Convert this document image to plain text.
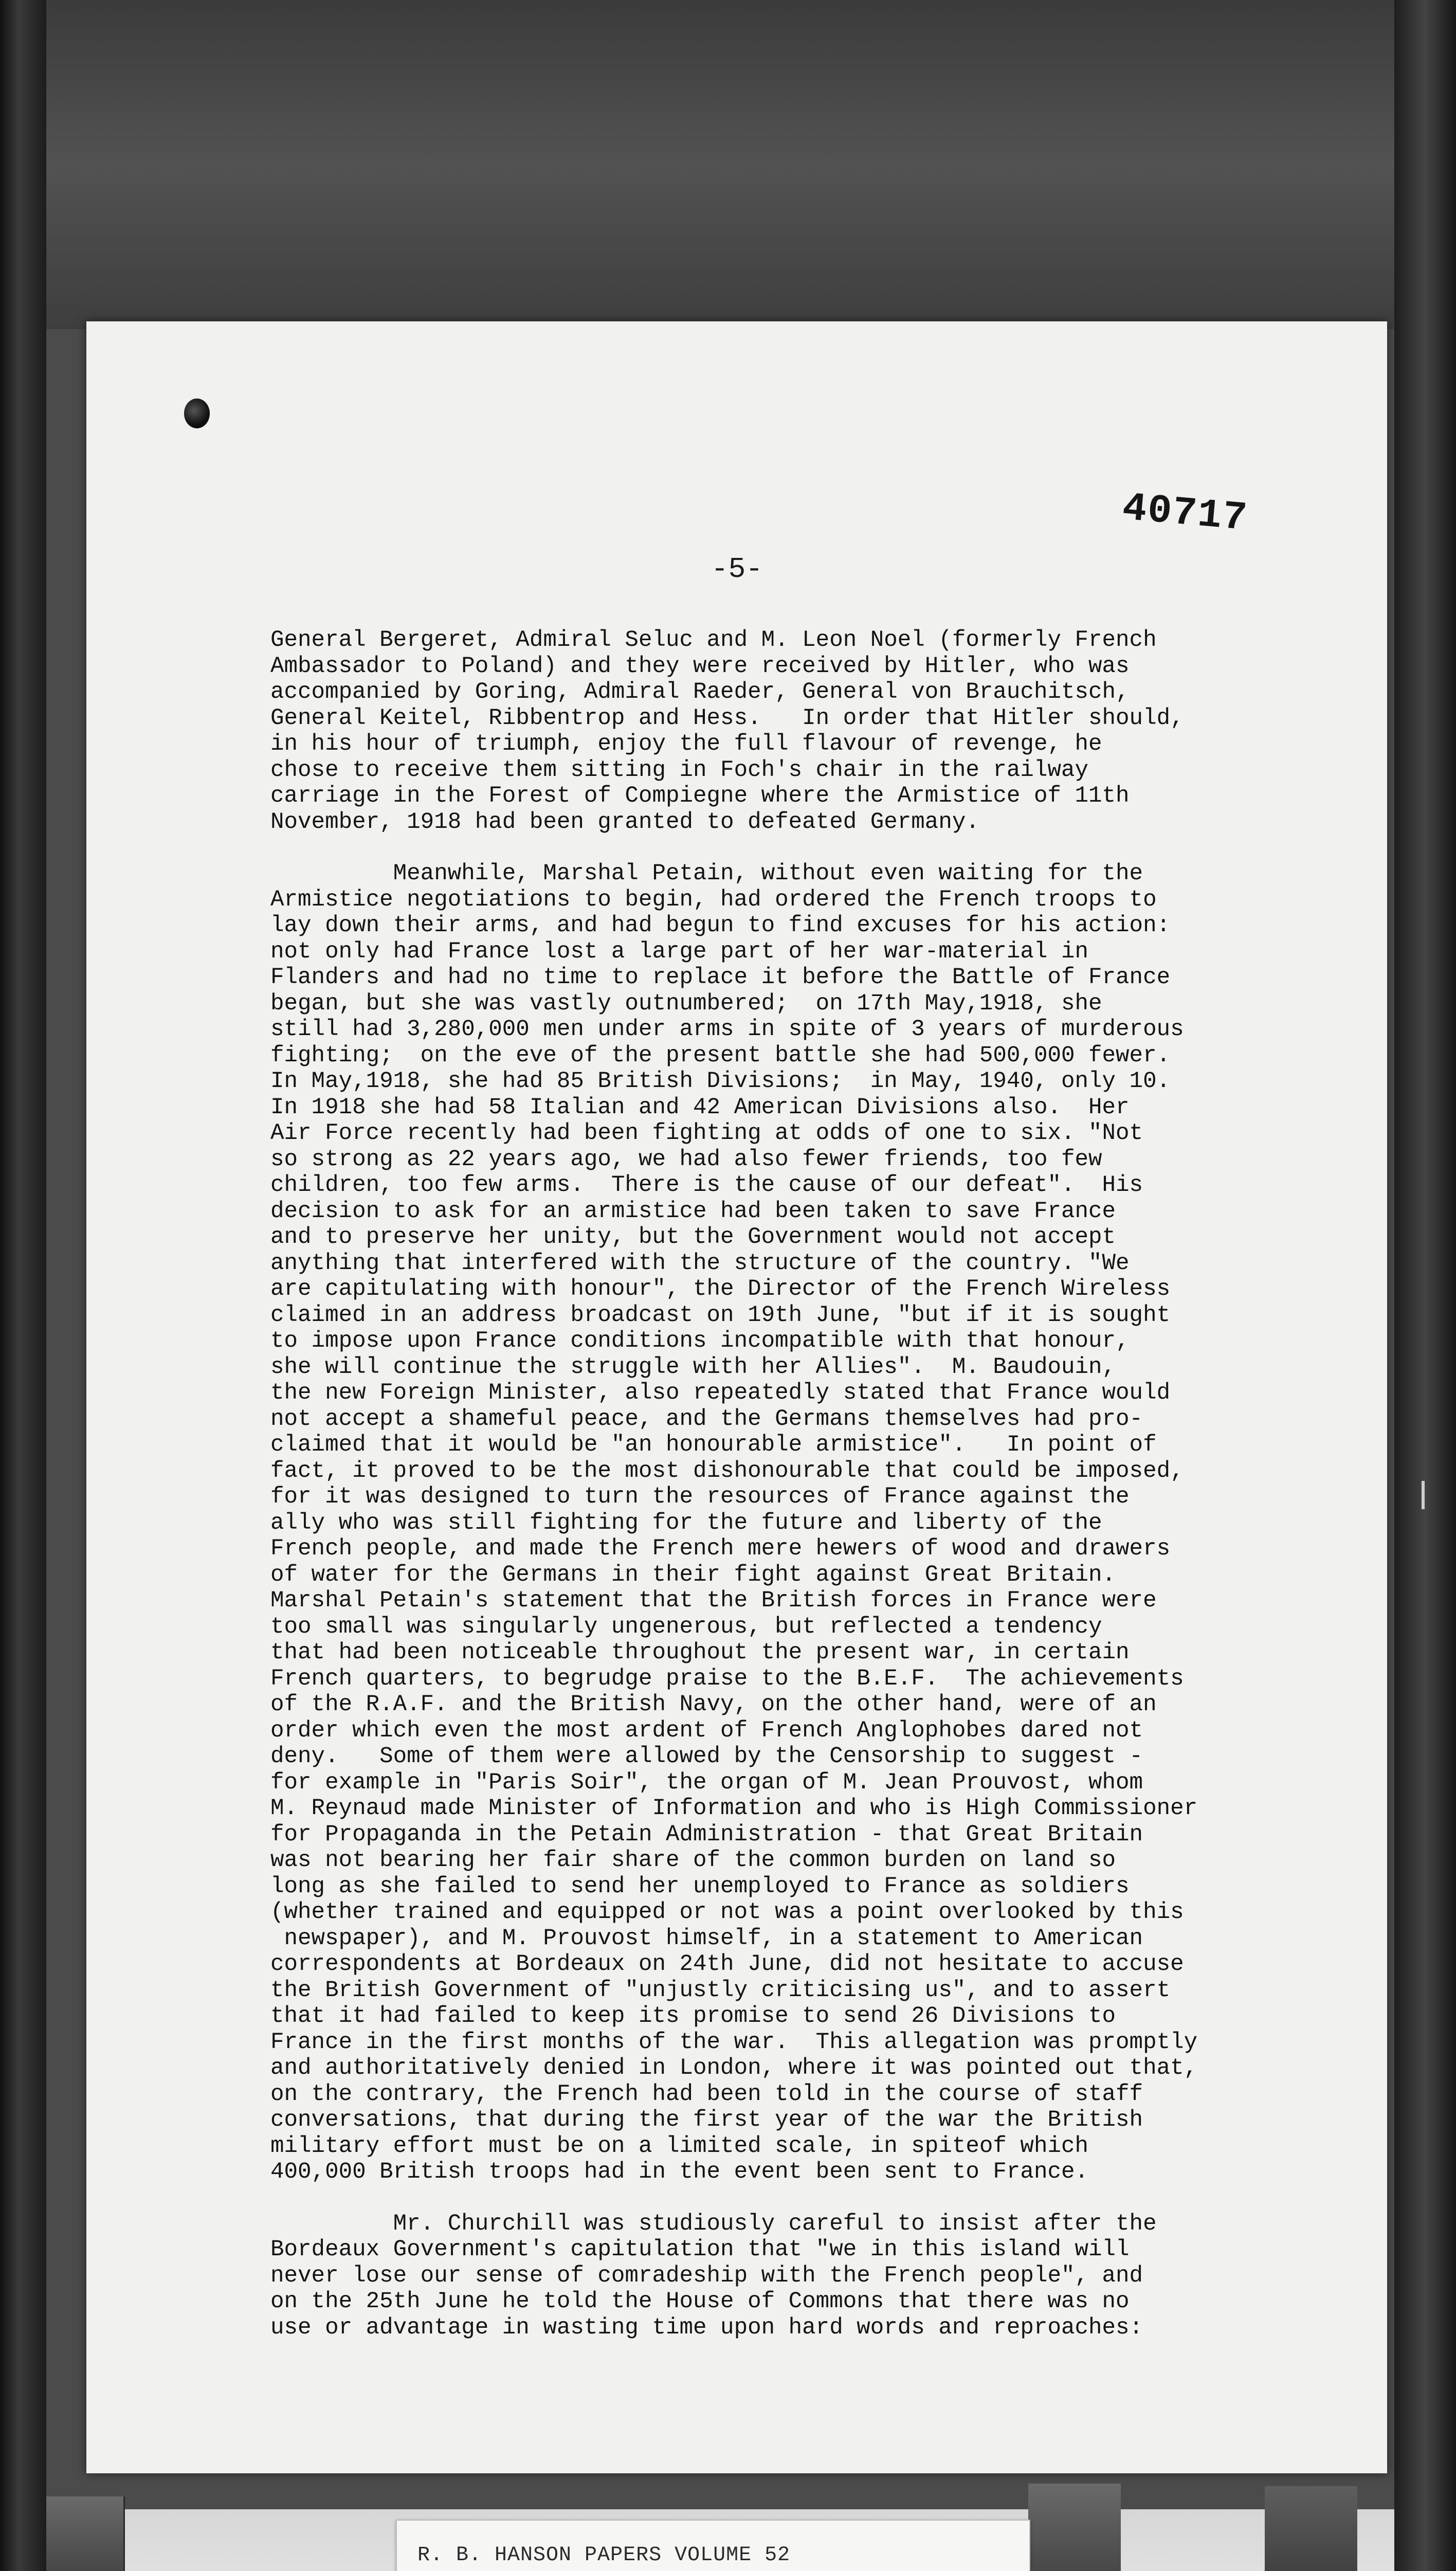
40717
-5-
General Bergeret, Admiral Seluc and M. Leon Noel (formerly French
Ambassador to Poland) and they were received by Hitler, who was
accompanied by Goring, Admiral Raeder, General von Brauchitsch,
General Keitel, Ribbentrop and Hess.   In order that Hitler should,
in his hour of triumph, enjoy the full flavour of revenge, he
chose to receive them sitting in Foch's chair in the railway
carriage in the Forest of Compiegne where the Armistice of 11th
November, 1918 had been granted to defeated Germany.
Meanwhile, Marshal Petain, without even waiting for the
Armistice negotiations to begin, had ordered the French troops to
lay down their arms, and had begun to find excuses for his action:
not only had France lost a large part of her war-material in
Flanders and had no time to replace it before the Battle of France
began, but she was vastly outnumbered;  on 17th May,1918, she
still had 3,280,000 men under arms in spite of 3 years of murderous
fighting;  on the eve of the present battle she had 500,000 fewer.
In May,1918, she had 85 British Divisions;  in May, 1940, only 10.
In 1918 she had 58 Italian and 42 American Divisions also.  Her
Air Force recently had been fighting at odds of one to six. "Not
so strong as 22 years ago, we had also fewer friends, too few
children, too few arms.  There is the cause of our defeat".  His
decision to ask for an armistice had been taken to save France
and to preserve her unity, but the Government would not accept
anything that interfered with the structure of the country. "We
are capitulating with honour", the Director of the French Wireless
claimed in an address broadcast on 19th June, "but if it is sought
to impose upon France conditions incompatible with that honour,
she will continue the struggle with her Allies".  M. Baudouin,
the new Foreign Minister, also repeatedly stated that France would
not accept a shameful peace, and the Germans themselves had pro-
claimed that it would be "an honourable armistice".   In point of
fact, it proved to be the most dishonourable that could be imposed,
for it was designed to turn the resources of France against the
ally who was still fighting for the future and liberty of the
French people, and made the French mere hewers of wood and drawers
of water for the Germans in their fight against Great Britain.
Marshal Petain's statement that the British forces in France were
too small was singularly ungenerous, but reflected a tendency
that had been noticeable throughout the present war, in certain
French quarters, to begrudge praise to the B.E.F.  The achievements
of the R.A.F. and the British Navy, on the other hand, were of an
order which even the most ardent of French Anglophobes dared not
deny.   Some of them were allowed by the Censorship to suggest -
for example in "Paris Soir", the organ of M. Jean Prouvost, whom
M. Reynaud made Minister of Information and who is High Commissioner
for Propaganda in the Petain Administration - that Great Britain
was not bearing her fair share of the common burden on land so
long as she failed to send her unemployed to France as soldiers
(whether trained and equipped or not was a point overlooked by this
newspaper), and M. Prouvost himself, in a statement to American
correspondents at Bordeaux on 24th June, did not hesitate to accuse
the British Government of "unjustly criticising us", and to assert
that it had failed to keep its promise to send 26 Divisions to
France in the first months of the war.  This allegation was promptly
and authoritatively denied in London, where it was pointed out that,
on the contrary, the French had been told in the course of staff
conversations, that during the first year of the war the British
military effort must be on a limited scale, in spiteof which
400,000 British troops had in the event been sent to France.
Mr. Churchill was studiously careful to insist after the
Bordeaux Government's capitulation that "we in this island will
never lose our sense of comradeship with the French people", and
on the 25th June he told the House of Commons that there was no
use or advantage in wasting time upon hard words and reproaches:
R. B. HANSON PAPERS VOLUME 52
